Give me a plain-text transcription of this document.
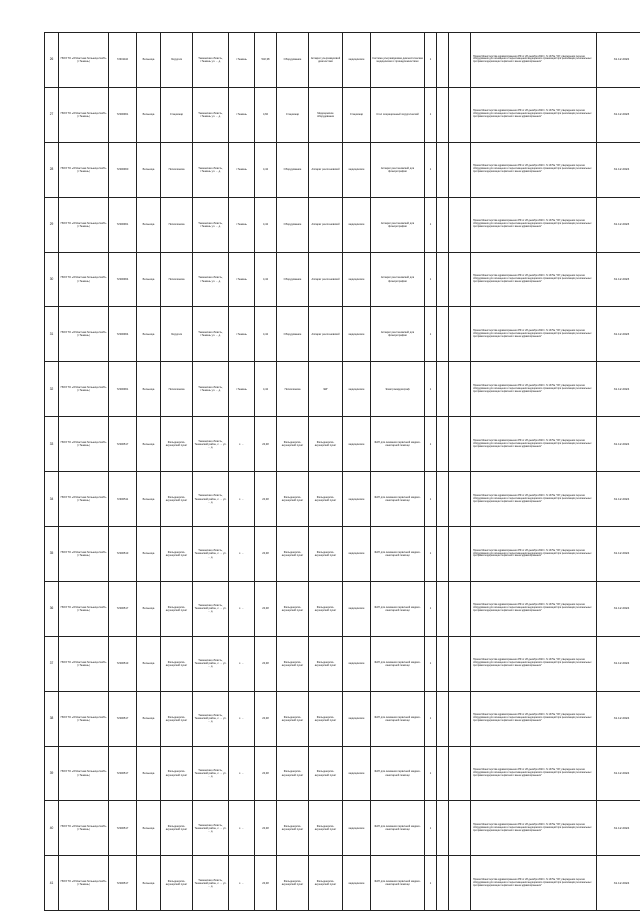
26	ГБУЗ ТО «Областная больница №20» (г.Тюмень)	72301110	Больница	Хирургия	Тюменская область, г.Тюмень ул. ... д.	г.Тюмень	532,38	Оборудование	Аппарат ультразвуковой диагностики	медицинское	Система ультразвуковая диагностическая медицинская с принадлежностями	1			Приказ Министерства здравоохранения РФ от 28 декабря 2020 г. N 1379н "Об утверждении перечня оборудования для оснащения и переоснащения медицинских организаций при реализации региональных программ модернизации первичного звена здравоохранения"	31.12.2022
27	ГБУЗ ТО «Областная больница №20» (г.Тюмень)	72300961	Больница	Стационар	Тюменская область, г.Тюмень ул. ... д.	г.Тюмень	4,60	Стационар	Медицинское оборудование	Стационар	Стол операционный хирургический	1			Приказ Министерства здравоохранения РФ от 28 декабря 2020 г. N 1379н "Об утверждении перечня оборудования для оснащения и переоснащения медицинских организаций при реализации региональных программ модернизации первичного звена здравоохранения"	31.12.2023
28	ГБУЗ ТО «Областная больница №20» (г.Тюмень)	72300960	Больница	Поликлиника	Тюменская область, г.Тюмень ул. ... д.	г.Тюмень	4,42	Оборудование	Аппарат рентгеновский	медицинское	Аппарат рентгеновский для флюорографии	1			Приказ Министерства здравоохранения РФ от 28 декабря 2020 г. N 1379н "Об утверждении перечня оборудования для оснащения и переоснащения медицинских организаций при реализации региональных программ модернизации первичного звена здравоохранения"	31.12.2024
29	ГБУЗ ТО «Областная больница №20» (г.Тюмень)	72300961	Больница	Поликлиника	Тюменская область, г.Тюмень ул. ... д.	г.Тюмень	4,42	Оборудование	Аппарат рентгеновский	медицинское	Аппарат рентгеновский для флюорографии	1			Приказ Министерства здравоохранения РФ от 28 декабря 2020 г. N 1379н "Об утверждении перечня оборудования для оснащения и переоснащения медицинских организаций при реализации региональных программ модернизации первичного звена здравоохранения"	31.12.2023
30	ГБУЗ ТО «Областная больница №20» (г.Тюмень)	72300964	Больница	Поликлиника	Тюменская область, г.Тюмень ул. ... д.	г.Тюмень	4,42	Оборудование	Аппарат рентгеновский	медицинское	Аппарат рентгеновский для флюорографии	1			Приказ Министерства здравоохранения РФ от 28 декабря 2020 г. N 1379н "Об утверждении перечня оборудования для оснащения и переоснащения медицинских организаций при реализации региональных программ модернизации первичного звена здравоохранения"	31.12.2023
31	ГБУЗ ТО «Областная больница №20» (г.Тюмень)	72300964	Больница	Хирургия	Тюменская область, г.Тюмень ул. ... д.	г.Тюмень	4,42	Оборудование	Аппарат рентгеновский	медицинское	Аппарат рентгеновский для флюорографии	1			Приказ Министерства здравоохранения РФ от 28 декабря 2020 г. N 1379н "Об утверждении перечня оборудования для оснащения и переоснащения медицинских организаций при реализации региональных программ модернизации первичного звена здравоохранения"	31.12.2023
32	ГБУЗ ТО «Областная больница №20» (г.Тюмень)	72300961	Больница	Поликлиника	Тюменская область, г.Тюмень ул. ... д.	г.Тюмень	4,42	Поликлиника	ЭКГ	медицинское	Электрокардиограф	1			Приказ Министерства здравоохранения РФ от 28 декабря 2020 г. N 1379н "Об утверждении перечня оборудования для оснащения и переоснащения медицинских организаций при реализации региональных программ модернизации первичного звена здравоохранения"	31.12.2024
33	ГБУЗ ТО «Областная больница №20» (г.Тюмень)	72300517	Больница	Фельдшерско-акушерский пункт	Тюменская область, Тюменский район, с. ... ул. ... д.	с. ...	20,48	Фельдшерско-акушерский пункт	Фельдшерско-акушерский пункт	медицинское	ФАП для оказания первичной медико-санитарной помощи	1			Приказ Министерства здравоохранения РФ от 28 декабря 2020 г. N 1379н "Об утверждении перечня оборудования для оснащения и переоснащения медицинских организаций при реализации региональных программ модернизации первичного звена здравоохранения"	31.12.2024
34	ГБУЗ ТО «Областная больница №20» (г.Тюмень)	72300511	Больница	Фельдшерско-акушерский пункт	Тюменская область, Тюменский район, с. ... ул. ... д.	с. ...	20,48	Фельдшерско-акушерский пункт	Фельдшерско-акушерский пункт	медицинское	ФАП для оказания первичной медико-санитарной помощи	1			Приказ Министерства здравоохранения РФ от 28 декабря 2020 г. N 1379н "Об утверждении перечня оборудования для оснащения и переоснащения медицинских организаций при реализации региональных программ модернизации первичного звена здравоохранения"	31.12.2024
35	ГБУЗ ТО «Областная больница №20» (г.Тюмень)	72300513	Больница	Фельдшерско-акушерский пункт	Тюменская область, Тюменский район, с. ... ул. ... д.	с. ...	20,48	Фельдшерско-акушерский пункт	Фельдшерско-акушерский пункт	медицинское	ФАП для оказания первичной медико-санитарной помощи	1			Приказ Министерства здравоохранения РФ от 28 декабря 2020 г. N 1379н "Об утверждении перечня оборудования для оснащения и переоснащения медицинских организаций при реализации региональных программ модернизации первичного звена здравоохранения"	31.12.2024
36	ГБУЗ ТО «Областная больница №20» (г.Тюмень)	72300517	Больница	Фельдшерско-акушерский пункт	Тюменская область, Тюменский район, с. ... ул. ... д.	с. ...	20,48	Фельдшерско-акушерский пункт	Фельдшерско-акушерский пункт	медицинское	ФАП для оказания первичной медико-санитарной помощи	1			Приказ Министерства здравоохранения РФ от 28 декабря 2020 г. N 1379н "Об утверждении перечня оборудования для оснащения и переоснащения медицинских организаций при реализации региональных программ модернизации первичного звена здравоохранения"	31.12.2024
37	ГБУЗ ТО «Областная больница №20» (г.Тюмень)	72300513	Больница	Фельдшерско-акушерский пункт	Тюменская область, Тюменский район, с. ... ул. ... д.	с. ...	20,48	Фельдшерско-акушерский пункт	Фельдшерско-акушерский пункт	медицинское	ФАП для оказания первичной медико-санитарной помощи	1			Приказ Министерства здравоохранения РФ от 28 декабря 2020 г. N 1379н "Об утверждении перечня оборудования для оснащения и переоснащения медицинских организаций при реализации региональных программ модернизации первичного звена здравоохранения"	31.12.2024
38	ГБУЗ ТО «Областная больница №20» (г.Тюмень)	72300517	Больница	Фельдшерско-акушерский пункт	Тюменская область, Тюменский район, с. ... ул. ... д.	с. ...	20,48	Фельдшерско-акушерский пункт	Фельдшерско-акушерский пункт	медицинское	ФАП для оказания первичной медико-санитарной помощи	1			Приказ Министерства здравоохранения РФ от 28 декабря 2020 г. N 1379н "Об утверждении перечня оборудования для оснащения и переоснащения медицинских организаций при реализации региональных программ модернизации первичного звена здравоохранения"	31.12.2024
39	ГБУЗ ТО «Областная больница №20» (г.Тюмень)	72300517	Больница	Фельдшерско-акушерский пункт	Тюменская область, Тюменский район, с. ... ул. ... д.	с. ...	20,48	Фельдшерско-акушерский пункт	Фельдшерско-акушерский пункт	медицинское	ФАП для оказания первичной медико-санитарной помощи	1			Приказ Министерства здравоохранения РФ от 28 декабря 2020 г. N 1379н "Об утверждении перечня оборудования для оснащения и переоснащения медицинских организаций при реализации региональных программ модернизации первичного звена здравоохранения"	31.12.2024
40	ГБУЗ ТО «Областная больница №20» (г.Тюмень)	72300517	Больница	Фельдшерско-акушерский пункт	Тюменская область, Тюменский район, с. ... ул. ... д.	с. ...	20,48	Фельдшерско-акушерский пункт	Фельдшерско-акушерский пункт	медицинское	ФАП для оказания первичной медико-санитарной помощи	1			Приказ Министерства здравоохранения РФ от 28 декабря 2020 г. N 1379н "Об утверждении перечня оборудования для оснащения и переоснащения медицинских организаций при реализации региональных программ модернизации первичного звена здравоохранения"	31.12.2024
41	ГБУЗ ТО «Областная больница №20» (г.Тюмень)	72300517	Больница	Фельдшерско-акушерский пункт	Тюменская область, Тюменский район, с. ... ул. ... д.	с. ...	20,48	Фельдшерско-акушерский пункт	Фельдшерско-акушерский пункт	медицинское	ФАП для оказания первичной медико-санитарной помощи	1			Приказ Министерства здравоохранения РФ от 28 декабря 2020 г. N 1379н "Об утверждении перечня оборудования для оснащения и переоснащения медицинских организаций при реализации региональных программ модернизации первичного звена здравоохранения"	31.12.2024
